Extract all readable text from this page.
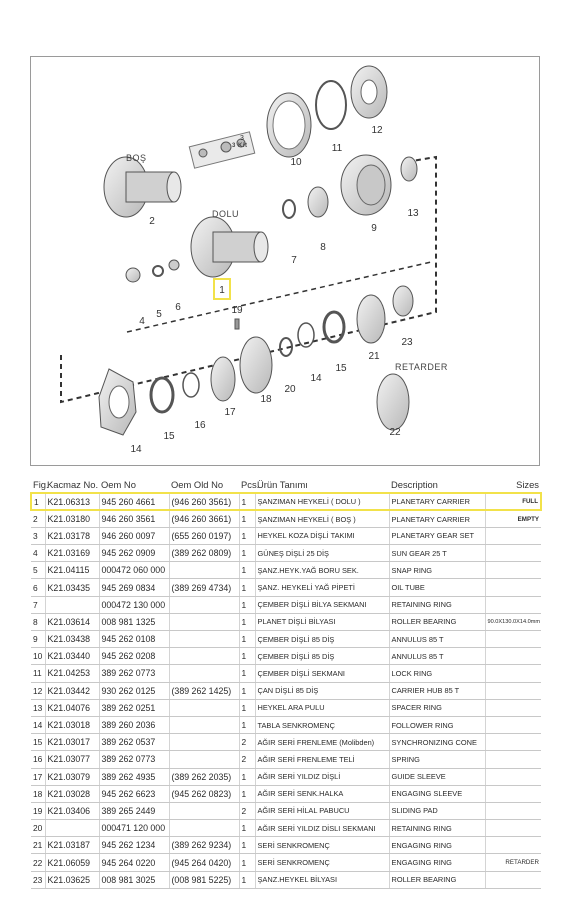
BOŞ
DOLU
3 Kit
RETARDER
1
2
3
4
5
6
7
8
9
10
11
12
13
14
15
16
17
18
19
20
21
22
23
14
15
Fig.	Kacmaz No.	Oem No	Oem Old No	Pcs.	Ürün Tanımı	Description	Sizes
1	K21.06313	945 260 4661	(946 260 3561)	1	ŞANZIMAN HEYKELİ ( DOLU )	PLANETARY CARRIER	FULL
2	K21.03180	946 260 3561	(946 260 3661)	1	ŞANZIMAN HEYKELİ ( BOŞ )	PLANETARY CARRIER	EMPTY
3	K21.03178	946 260 0097	(655 260 0197)	1	HEYKEL KOZA DİŞLİ TAKIMI	PLANETARY GEAR SET	
4	K21.03169	945 262 0909	(389 262 0809)	1	GÜNEŞ DİŞLİ 25 DİŞ	SUN GEAR 25 T	
5	K21.04115	000472 060 000		1	ŞANZ.HEYK.YAĞ BORU SEK.	SNAP RING	
6	K21.03435	945 269 0834	(389 269 4734)	1	ŞANZ. HEYKELİ YAĞ PİPETİ	OIL TUBE	
7		000472 130 000		1	ÇEMBER DİŞLİ BİLYA SEKMANI	RETAINING RING	
8	K21.03614	008 981 1325		1	PLANET DİŞLİ BİLYASI	ROLLER BEARING	90.0X130.0X14.0mm
9	K21.03438	945 262 0108		1	ÇEMBER DİŞLİ 85 DİŞ	ANNULUS 85 T	
10	K21.03440	945 262 0208		1	ÇEMBER DİŞLİ 85 DİŞ	ANNULUS 85 T	
11	K21.04253	389 262 0773		1	ÇEMBER DİŞLİ SEKMANI	LOCK RING	
12	K21.03442	930 262 0125	(389 262 1425)	1	ÇAN DİŞLİ 85 DİŞ	CARRIER HUB 85 T	
13	K21.04076	389 262 0251		1	HEYKEL ARA PULU	SPACER RING	
14	K21.03018	389 260 2036		1	TABLA SENKROMENÇ	FOLLOWER RING	
15	K21.03017	389 262 0537		2	AĞIR SERİ FRENLEME (Molibden)	SYNCHRONIZING CONE	
16	K21.03077	389 262 0773		2	AĞIR SERİ FRENLEME TELİ	SPRING	
17	K21.03079	389 262 4935	(389 262 2035)	1	AĞIR SERİ YILDIZ DİŞLİ	GUIDE SLEEVE	
18	K21.03028	945 262 6623	(945 262 0823)	1	AĞIR SERİ SENK.HALKA	ENGAGING SLEEVE	
19	K21.03406	389 265 2449		2	AĞIR SERİ HİLAL PABUCU	SLIDING PAD	
20		000471 120 000		1	AĞIR SERİ YILDIZ DİSLI SEKMANI	RETAINING RING	
21	K21.03187	945 262 1234	(389 262 9234)	1	SERİ SENKROMENÇ	ENGAGING RING	
22	K21.06059	945 264 0220	(945 264 0420)	1	SERİ SENKROMENÇ	ENGAGING RING	RETARDER
23	K21.03625	008 981 3025	(008 981 5225)	1	ŞANZ.HEYKEL BİLYASI	ROLLER BEARING	
